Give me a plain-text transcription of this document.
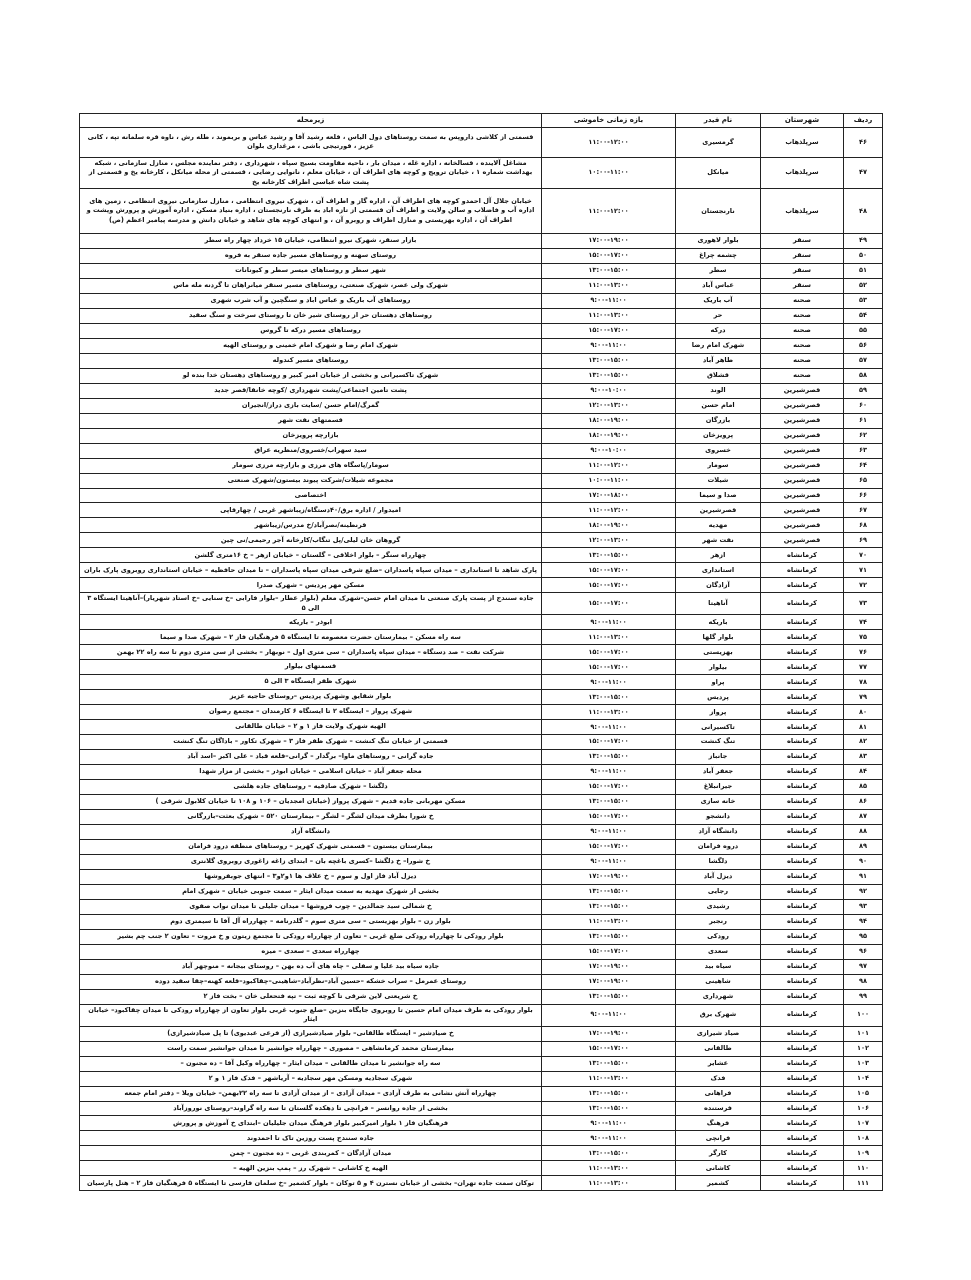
ردیف	شهرستان	نام فیدر	بازه زمانی خاموشی	زیرمحله
۴۶	سرپلذهاب	گرمسیری	۱۱:۰۰-۱۲:۰۰	قسمتی از کلاشی داروپس به سمت روستاهای دول الیاس ، قلعه رشید آقا و رشید عباس و بربموند ، طله رش ، ناوه قره سلمانه تپه ، کانی عزیز ، قورتیجی باشی ، مرغداری بلوان
۴۷	سرپلذهاب	میانکل	۱۰:۰۰-۱۱:۰۰	مشاغل آلاینده ، قسالخانه ، اداره غله ، میدان بار ، ناحیه مقاومت بسیج سپاه ، شهرداری ، دفتر نماینده مجلس ، منازل سازمانی ، شبکه بهداشت شماره ۱ ، خیابان ترویج و کوچه های اطراف آن ، خیابان معلم ، نانوایی رضایی ، قسمتی از محله میانکل ، کارخانه یخ و قسمتی از پشت شاه عباسی اطراف کارخانه یخ
۴۸	سرپلذهاب	نارنجستان	۱۱:۰۰-۱۲:۰۰	خیابان جلال آل احمدو کوچه های اطراف آن ، اداره گاز و اطراف آن ، شهرک نیروی انتظامی ، منازل سازمانی نیروی انتظامی ، زمین های اداره آب و فاضلاب و سالن ولایت و اطراف آن قسمتی از تازه اباد به طرف نارنجستان ، اداره بنیاد مسکن ، اداره آموزش و پرورش وپشت و اطراف آن ، اداره بهزیستی و منازل اطراف و روبرو آن ، و انتهای کوچه های شاهد و خیابان دانش و مدرسه پیامبر اعظم (ص)
۴۹	سنقر	بلوار لاهوری	۱۷:۰۰-۱۹:۰۰	بازار سنقر، شهرک نیرو انتظامی، خیابان ۱۵ خرداد چهار راه سطر
۵۰	سنقر	چشمه چراغ	۱۵:۰۰-۱۷:۰۰	روستای سهنه و روستاهای مسیر جاده سنقر به فروه
۵۱	سنقر	سطر	۱۳:۰۰-۱۵:۰۰	شهر سطر و روستاهای میسر سطر و کیونانات
۵۲	سنقر	عباس آباد	۱۱:۰۰-۱۳:۰۰	شهرک ولی عصر، شهرک صنعتی، روستاهای مسیر سنقر میانراهان تا گردنه مله ماس
۵۳	صحنه	آب باریک	۹:۰۰-۱۱:۰۰	روستاهای آب باریک و عباس اباد و سنگچین و آب شرب شهری
۵۴	صحنه	حر	۱۱:۰۰-۱۳:۰۰	روستاهای دهستان حر از روستای شیر خان تا روستای سرخت و سنگ سفید
۵۵	صحنه	درکه	۱۵:۰۰-۱۷:۰۰	روستاهای مسیر درکه تا گروس
۵۶	صحنه	شهرک امام رضا	۹:۰۰-۱۱:۰۰	شهرک امام رضا و شهرک امام خمینی و روستای الهیه
۵۷	صحنه	طاهر آباد	۱۳:۰۰-۱۵:۰۰	روستاهای مسیر کندوله
۵۸	صحنه	قشلاق	۱۳:۰۰-۱۵:۰۰	شهرک تاکسیرانی و بخشی از خیابان امیر کبیر و روستاهای دهستان خدا بنده لو
۵۹	قصرشیرین	الوند	۹:۰۰-۱۰:۰۰	پشت تامین اجتماعی/پشت شهرداری /کوچه خانقا/قصر جدید
۶۰	قصرشیرین	امام حسن	۱۲:۰۰-۱۳:۰۰	گمرگ/امام حسن /سایت بازی دراز/انجیران
۶۱	قصرشیرین	بازرگان	۱۸:۰۰-۱۹:۰۰	قسمتهای نفت شهر
۶۲	قصرشیرین	پرویزخان	۱۸:۰۰-۱۹:۰۰	بازارچه پرویزخان
۶۳	قصرشیرین	خسروی	۹:۰۰-۱۰:۰۰	سید سهراب/خسروی/منظریه عراق
۶۴	قصرشیرین	سومار	۱۱:۰۰-۱۲:۰۰	سومار/پاسگاه های مرزی و بازارچه مرزی سومار
۶۵	قصرشیرین	شیلات	۱۰:۰۰-۱۱:۰۰	مجموعه شیلات/شرکت پیوند بیستون/شهرک صنعتی
۶۶	قصرشیرین	صدا و سیما	۱۷:۰۰-۱۸:۰۰	اختصاصی
۶۷	قصرشیرین	قصرشیرین	۱۱:۰۰-۱۲:۰۰	امیدوار / اداره برق/۴۰دستگاه/زیباشهر غربی / چهارقاپی
۶۸	قصرشیرین	مهدیه	۱۸:۰۰-۱۹:۰۰	قرنطینه/نصرآباد/خ مدرس/زیباشهر
۶۹	قصرشیرین	نفت شهر	۱۲:۰۰-۱۳:۰۰	گروهان خان لیلی/پل تنگاب/کارخانه آجر رحیمی/نی چین
۷۰	کرمانشاه	ازهر	۱۳:۰۰-۱۵:۰۰	چهارراه سنگر – بلوار اخلاقی – گلستان – خیابان ازهر – خ ۱۶متری گلشن
۷۱	کرمانشاه	استانداری	۱۵:۰۰-۱۷:۰۰	پارک شاهد تا استانداری – میدان سپاه پاسداران –ضلع شرقی میدان سپاه پاسداران – تا میدان حافظیه – خیابان استانداری روبروی پارک باران
۷۲	کرمانشاه	آزادگان	۱۵:۰۰-۱۷:۰۰	مسکن مهر پردیس – شهرک صدرا
۷۳	کرمانشاه	آناهیتا	۱۵:۰۰-۱۷:۰۰	جاده سنندج از پست پارک صنعتی تا میدان امام حسن–شهرک معلم (بلوار عطار –بلوار فارابی –خ سنایی –خ استاد شهریار)–آناهیتا ایستگاه ۳ الی ۵
۷۴	کرمانشاه	باریکه	۹:۰۰-۱۱:۰۰	ابوذر – باریکه
۷۵	کرمانشاه	بلوار گلها	۱۱:۰۰-۱۳:۰۰	سه راه مسکن – بیمارستان حضرت معصومه تا ایستگاه ۵ فرهنگیان فاز ۲ – شهرک صدا و سیما
۷۶	کرمانشاه	بهزیستی	۱۵:۰۰-۱۷:۰۰	شرکت نفت – صد دستگاه – میدان سپاه پاسداران – سی متری اول – نوبهار – بخشی از سی متری دوم تا سه راه ۲۲ بهمن
۷۷	کرمانشاه	بیلوار	۱۵:۰۰-۱۷:۰۰	قسمتهای بیلوار
۷۸	کرمانشاه	پراو	۹:۰۰-۱۱:۰۰	شهرک ظفر ایستگاه ۳ الی ۵
۷۹	کرمانشاه	پردیس	۱۳:۰۰-۱۵:۰۰	بلوار شقایق وشهرک پردیس –روستای حاجیه عزیز
۸۰	کرمانشاه	پرواز	۱۱:۰۰-۱۳:۰۰	شهرک پرواز – ایستگاه ۲ تا ایستگاه ۶ کارمندان – مجتمع رضوان
۸۱	کرمانشاه	تاکسیرانی	۹:۰۰-۱۱:۰۰	الهیه شهرک ولایت فاز ۱ و ۲ – خیابان طالقانی
۸۲	کرمانشاه	تنگ کنشت	۱۵:۰۰-۱۷:۰۰	قسمتی از خیابان تنگ کنشت – شهرک ظفر فاز ۳ – شهرک تکاور – باداگان تنگ کنشت
۸۳	کرمانشاه	جانباز	۱۳:۰۰-۱۵:۰۰	جاده گرانی – روستاهای ماوا– برگدار – گرانی–قلعه قباد – علی اکبر –اسد آباد
۸۴	کرمانشاه	جعفر آباد	۹:۰۰-۱۱:۰۰	محله جعفر آباد – خیابان اسلامی – خیابان ابوذر – بخشی از مزار شهدا
۸۵	کرمانشاه	جیرانبلاغ	۱۵:۰۰-۱۷:۰۰	دلگشا – شهرک صادقیه – روستاهای جاده هلشی
۸۶	کرمانشاه	خانه سازی	۱۳:۰۰-۱۵:۰۰	مسکن مهربانی جاده قدیم – شهرک پرواز (خیابان امجدیان – ۱۰۶ و ۱۰۸ تا خیابان کلابول شرقی )
۸۷	کرمانشاه	دانشجو	۱۵:۰۰-۱۷:۰۰	خ شورا بطرف میدان لشگر – لشگر – بیمارستان ۵۲۰ – شهرک بعثت–بازرگانی
۸۸	کرمانشاه	دانشگاه آزاد	۹:۰۰-۱۱:۰۰	دانشگاه آزاد
۸۹	کرمانشاه	دروه فرامان	۱۵:۰۰-۱۷:۰۰	بیمارستان بیستون – قسمتی شهرک کهریز – روستاهای منطقه درود فرامان
۹۰	کرمانشاه	دلگشا	۹:۰۰-۱۱:۰۰	خ شورا– خ دلگشا –کسری باغچه بان – ابتدای زاغه زاغوری روبروی گلانتری
۹۱	کرمانشاه	دیزل آباد	۱۷:۰۰-۱۹:۰۰	دیزل آباد فاز اول و سوم – خ علاف ها ۱و۲و۳ – انتهای جوبفروشها
۹۲	کرمانشاه	رجایی	۱۳:۰۰-۱۵:۰۰	بخشی از شهرک مهدیه به سمت میدان ایثار – سمت جنوبی خیابان – شهرک امام
۹۳	کرمانشاه	رشیدی	۱۳:۰۰-۱۵:۰۰	خ شمالی سید جمالدین – چوب فروشها – میدان جلیلی تا میدان نواب صفوی
۹۴	کرمانشاه	رنجبر	۱۱:۰۰-۱۳:۰۰	بلوار زن – بلوار بهزیستی – سی متری سوم – گلدرنامه – چهارراه آل آقا تا سیمتری دوم
۹۵	کرمانشاه	رودکی	۱۳:۰۰-۱۵:۰۰	بلوار رودکی تا چهارراه رودکی ضلع غربی – تعاون از چهارراه رودکی تا مجتمع زیتون و خ مروت – تعاون ۲ جنب چم بشیر
۹۶	کرمانشاه	سعدی	۱۵:۰۰-۱۷:۰۰	چهارراه سعدی – سعدی – میزه
۹۷	کرمانشاه	سیاه بید	۱۷:۰۰-۱۹:۰۰	جاده سیاه بید علیا و سفلی – چاه های آب ده بهن – روستای بیجانه – منوچهر آباد
۹۸	کرمانشاه	شاهینی	۱۷:۰۰-۱۹:۰۰	روستای عمرمل – سراب خشکه –حسین آباد–نظرآباد–شاهینی–چقاکبود–قلعه کهنه–چقا سفید دوده
۹۹	کرمانشاه	شهرداری	۱۳:۰۰-۱۵:۰۰	خ شریعتی لاین شرقی تا کوچه ثبت – تپه فتحعلی خان – بخت فاز ۲
۱۰۰	کرمانشاه	شهرک برق	۹:۰۰-۱۱:۰۰	بلوار رودکی به طرف میدان امام حسین تا روبروی جایگاه بنزین –ضلع جنوب غربی بلوار تعاون از چهارراه رودکی تا میدان چقاکبود– خیابان ایثار
۱۰۱	کرمانشاه	صیاد شیرازی	۱۷:۰۰-۱۹:۰۰	خ صیادشیر – ایستگاه طالقانی– بلوار صیادشیرازی (از فرعی عبدیوی) تا پل صیادشیرازی)
۱۰۲	کرمانشاه	طالقانی	۱۵:۰۰-۱۷:۰۰	بیمارستان محمد کرمانشاهی – مصوری – چهارراه جوانشیر تا میدان جوانشیر سمت راست
۱۰۳	کرمانشاه	عشایر	۱۳:۰۰-۱۵:۰۰	سه راه جوانشیر تا میدان طالقانی – میدان ایثار – چهارراه وکیل آقا – ده مجنون –
۱۰۴	کرمانشاه	فدک	۱۱:۰۰-۱۳:۰۰	شهرک سجادیه ومسکن مهر سجادیه – آریاشهر – فدک فاز ۱ و ۲
۱۰۵	کرمانشاه	فراهانی	۱۳:۰۰-۱۵:۰۰	چهارراه آتش نشانی به طرف آزادی – میدان آزادی – از میدان آزادی تا سه راه ۲۲بهمن– خیابان ویلا – دفتر امام جمعه
۱۰۶	کرمانشاه	فرستنده	۱۳:۰۰-۱۵:۰۰	بخشی از جاده روانسر – فرانچی تا دهکده گلستان تا سه راه گراوند–روستای نوروزآباد
۱۰۷	کرمانشاه	فرهنگ	۹:۰۰-۱۱:۰۰	فرهنگیان فاز ۱ بلوار امیرکبیر بلوار فرهنگ میدان جلیلیان –ابتدای خ آموزش و پرورش
۱۰۸	کرمانشاه	فرانچی	۹:۰۰-۱۱:۰۰	جاده سنندج پست روزین تاک تا احمدوند
۱۰۹	کرمانشاه	کارگر	۱۳:۰۰-۱۵:۰۰	میدان آزادگان – کمربندی غربی – ده مجنون – چمن
۱۱۰	کرمانشاه	کاشانی	۱۱:۰۰-۱۳:۰۰	الهیه خ کاشانی – شهرک رز – پمپ بنزین الهیه –
۱۱۱	کرمانشاه	کشمیر	۱۱:۰۰-۱۳:۰۰	توکان سمت جاده تهران– بخشی از خیابان نسترن ۴ و ۵ توکان – بلوار کشمیر –خ سلمان فارسی تا ایستگاه ۵ فرهنگیان فاز ۲ – هتل پارسیان
